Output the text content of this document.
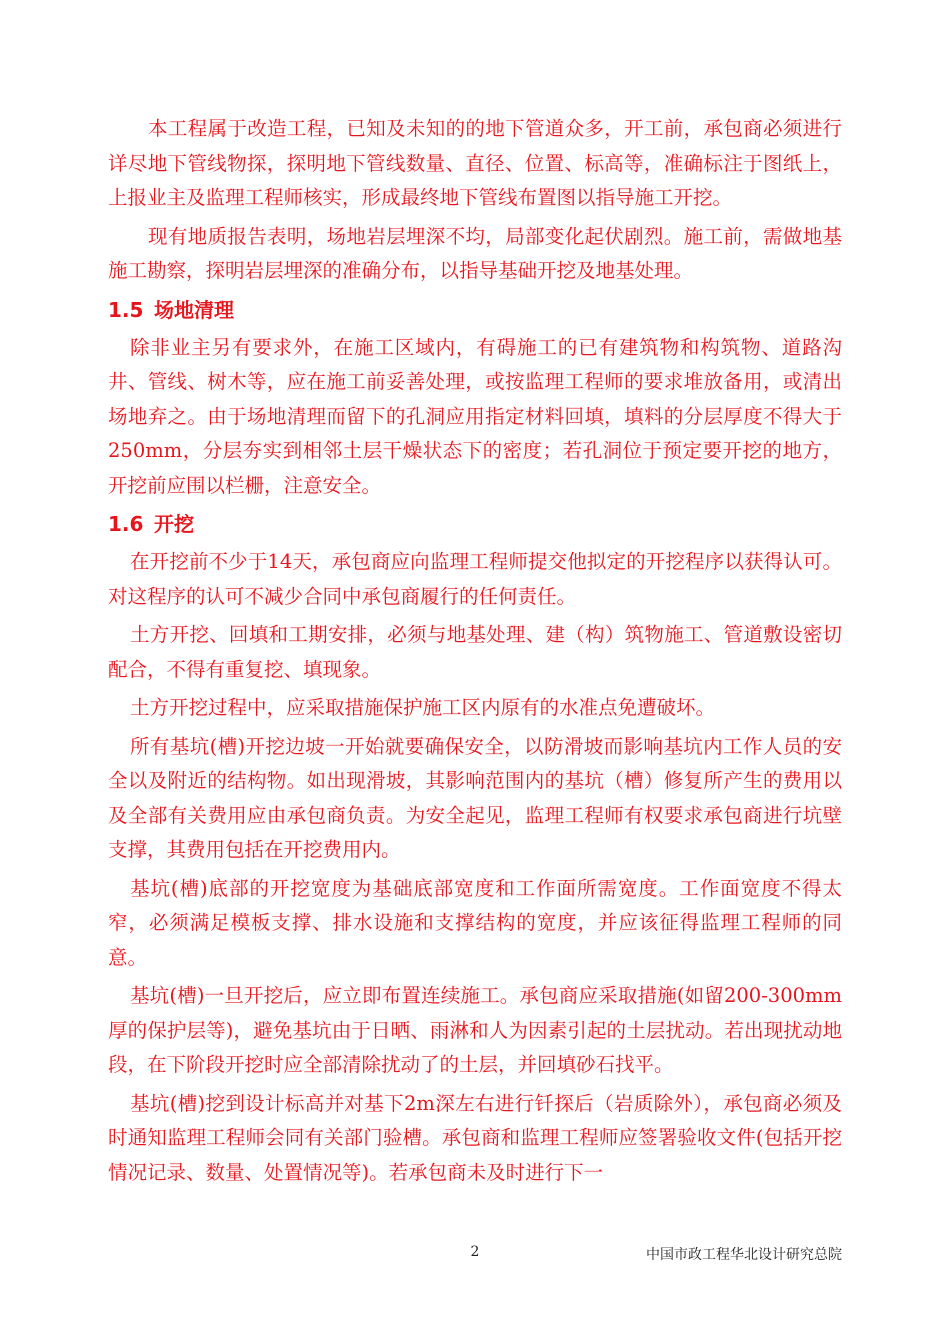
本工程属于改造工程，已知及未知的的地下管道众多，开工前，承包商必须进行详尽地下管线物探，探明地下管线数量、直径、位置、标高等，准确标注于图纸上，上报业主及监理工程师核实，形成最终地下管线布置图以指导施工开挖。

现有地质报告表明，场地岩层埋深不均，局部变化起伏剧烈。施工前，需做地基施工勘察，探明岩层埋深的准确分布，以指导基础开挖及地基处理。

1.5 场地清理

除非业主另有要求外，在施工区域内，有碍施工的已有建筑物和构筑物、道路沟井、管线、树木等，应在施工前妥善处理，或按监理工程师的要求堆放备用，或清出场地弃之。由于场地清理而留下的孔洞应用指定材料回填，填料的分层厚度不得大于250mm，分层夯实到相邻土层干燥状态下的密度；若孔洞位于预定要开挖的地方，开挖前应围以栏栅，注意安全。

1.6 开挖

在开挖前不少于14天，承包商应向监理工程师提交他拟定的开挖程序以获得认可。对这程序的认可不减少合同中承包商履行的任何责任。

土方开挖、回填和工期安排，必须与地基处理、建（构）筑物施工、管道敷设密切配合，不得有重复挖、填现象。

土方开挖过程中，应采取措施保护施工区内原有的水准点免遭破坏。

所有基坑(槽)开挖边坡一开始就要确保安全，以防滑坡而影响基坑内工作人员的安全以及附近的结构物。如出现滑坡，其影响范围内的基坑（槽）修复所产生的费用以及全部有关费用应由承包商负责。为安全起见，监理工程师有权要求承包商进行坑壁支撑，其费用包括在开挖费用内。

基坑(槽)底部的开挖宽度为基础底部宽度和工作面所需宽度。工作面宽度不得太窄，必须满足模板支撑、排水设施和支撑结构的宽度，并应该征得监理工程师的同意。

基坑(槽)一旦开挖后，应立即布置连续施工。承包商应采取措施(如留200-300mm厚的保护层等)，避免基坑由于日晒、雨淋和人为因素引起的土层扰动。若出现扰动地段，在下阶段开挖时应全部清除扰动了的土层，并回填砂石找平。

基坑(槽)挖到设计标高并对基下2m深左右进行钎探后（岩质除外），承包商必须及时通知监理工程师会同有关部门验槽。承包商和监理工程师应签署验收文件(包括开挖情况记录、数量、处置情况等)。若承包商未及时进行下一

2	中国市政工程华北设计研究总院
